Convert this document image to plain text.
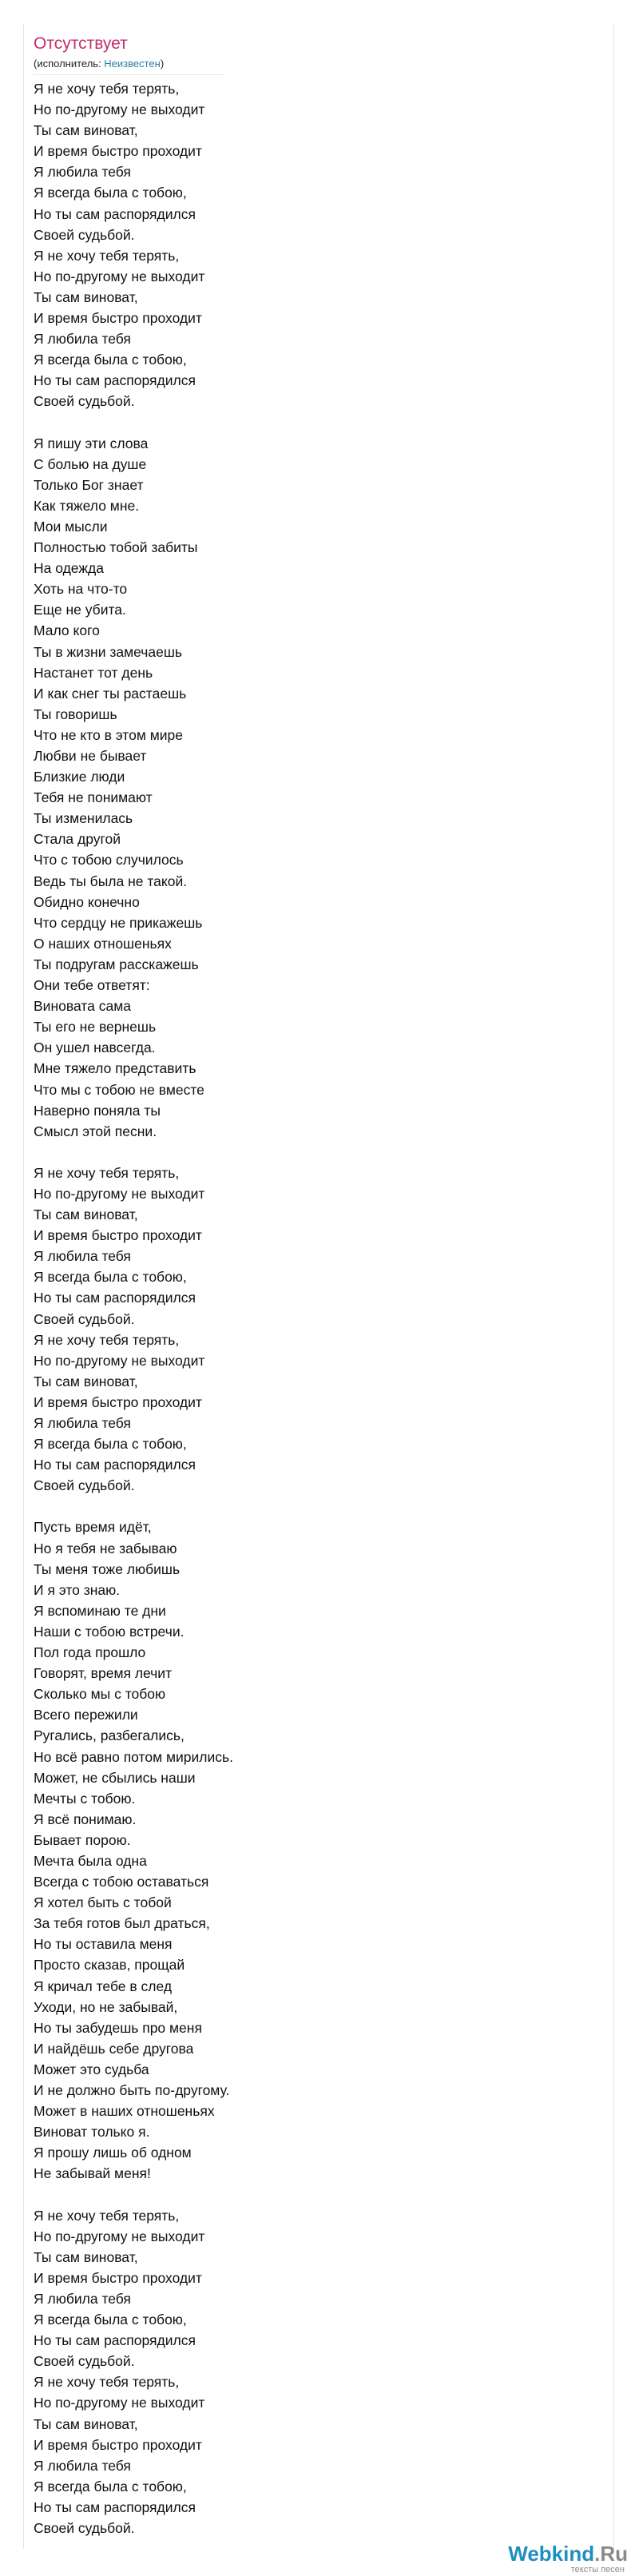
Отсутствует
(исполнитель: Неизвестен)
Я не хочу тебя терять,
Но по-другому не выходит
Ты сам виноват,
И время быстро проходит
Я любила тебя
Я всегда была с тобою,
Но ты сам распорядился
Своей судьбой.
Я не хочу тебя терять,
Но по-другому не выходит
Ты сам виноват,
И время быстро проходит
Я любила тебя
Я всегда была с тобою,
Но ты сам распорядился
Своей судьбой.
Я пишу эти слова
С болью на душе
Только Бог знает
Как тяжело мне.
Мои мысли
Полностью тобой забиты
На одежда
Хоть на что-то
Еще не убита.
Мало кого
Ты в жизни замечаешь
Настанет тот день
И как снег ты растаешь
Ты говоришь
Что не кто в этом мире
Любви не бывает
Близкие люди
Тебя не понимают
Ты изменилась
Стала другой
Что с тобою случилось
Ведь ты была не такой.
Обидно конечно
Что сердцу не прикажешь
О наших отношеньях
Ты подругам расскажешь
Они тебе ответят:
Виновата сама
Ты его не вернешь
Он ушел навсегда.
Мне тяжело представить
Что мы с тобою не вместе
Наверно поняла ты
Смысл этой песни.
Я не хочу тебя терять,
Но по-другому не выходит
Ты сам виноват,
И время быстро проходит
Я любила тебя
Я всегда была с тобою,
Но ты сам распорядился
Своей судьбой.
Я не хочу тебя терять,
Но по-другому не выходит
Ты сам виноват,
И время быстро проходит
Я любила тебя
Я всегда была с тобою,
Но ты сам распорядился
Своей судьбой.
Пусть время идёт,
Но я тебя не забываю
Ты меня тоже любишь
И я это знаю.
Я вспоминаю те дни
Наши с тобою встречи.
Пол года прошло
Говорят, время лечит
Сколько мы с тобою
Всего пережили
Ругались, разбегались,
Но всё равно потом мирились.
Может, не сбылись наши
Мечты с тобою.
Я всё понимаю.
Бывает порою.
Мечта была одна
Всегда с тобою оставаться
Я хотел быть с тобой
За тебя готов был драться,
Но ты оставила меня
Просто сказав, прощай
Я кричал тебе в след
Уходи, но не забывай,
Но ты забудешь про меня
И найдёшь себе другова
Может это судьба
И не должно быть по-другому.
Может в наших отношеньях
Виноват только я.
Я прошу лишь об одном
Не забывай меня!
Я не хочу тебя терять,
Но по-другому не выходит
Ты сам виноват,
И время быстро проходит
Я любила тебя
Я всегда была с тобою,
Но ты сам распорядился
Своей судьбой.
Я не хочу тебя терять,
Но по-другому не выходит
Ты сам виноват,
И время быстро проходит
Я любила тебя
Я всегда была с тобою,
Но ты сам распорядился
Своей судьбой.
Webkind.Ru
тексты песен
